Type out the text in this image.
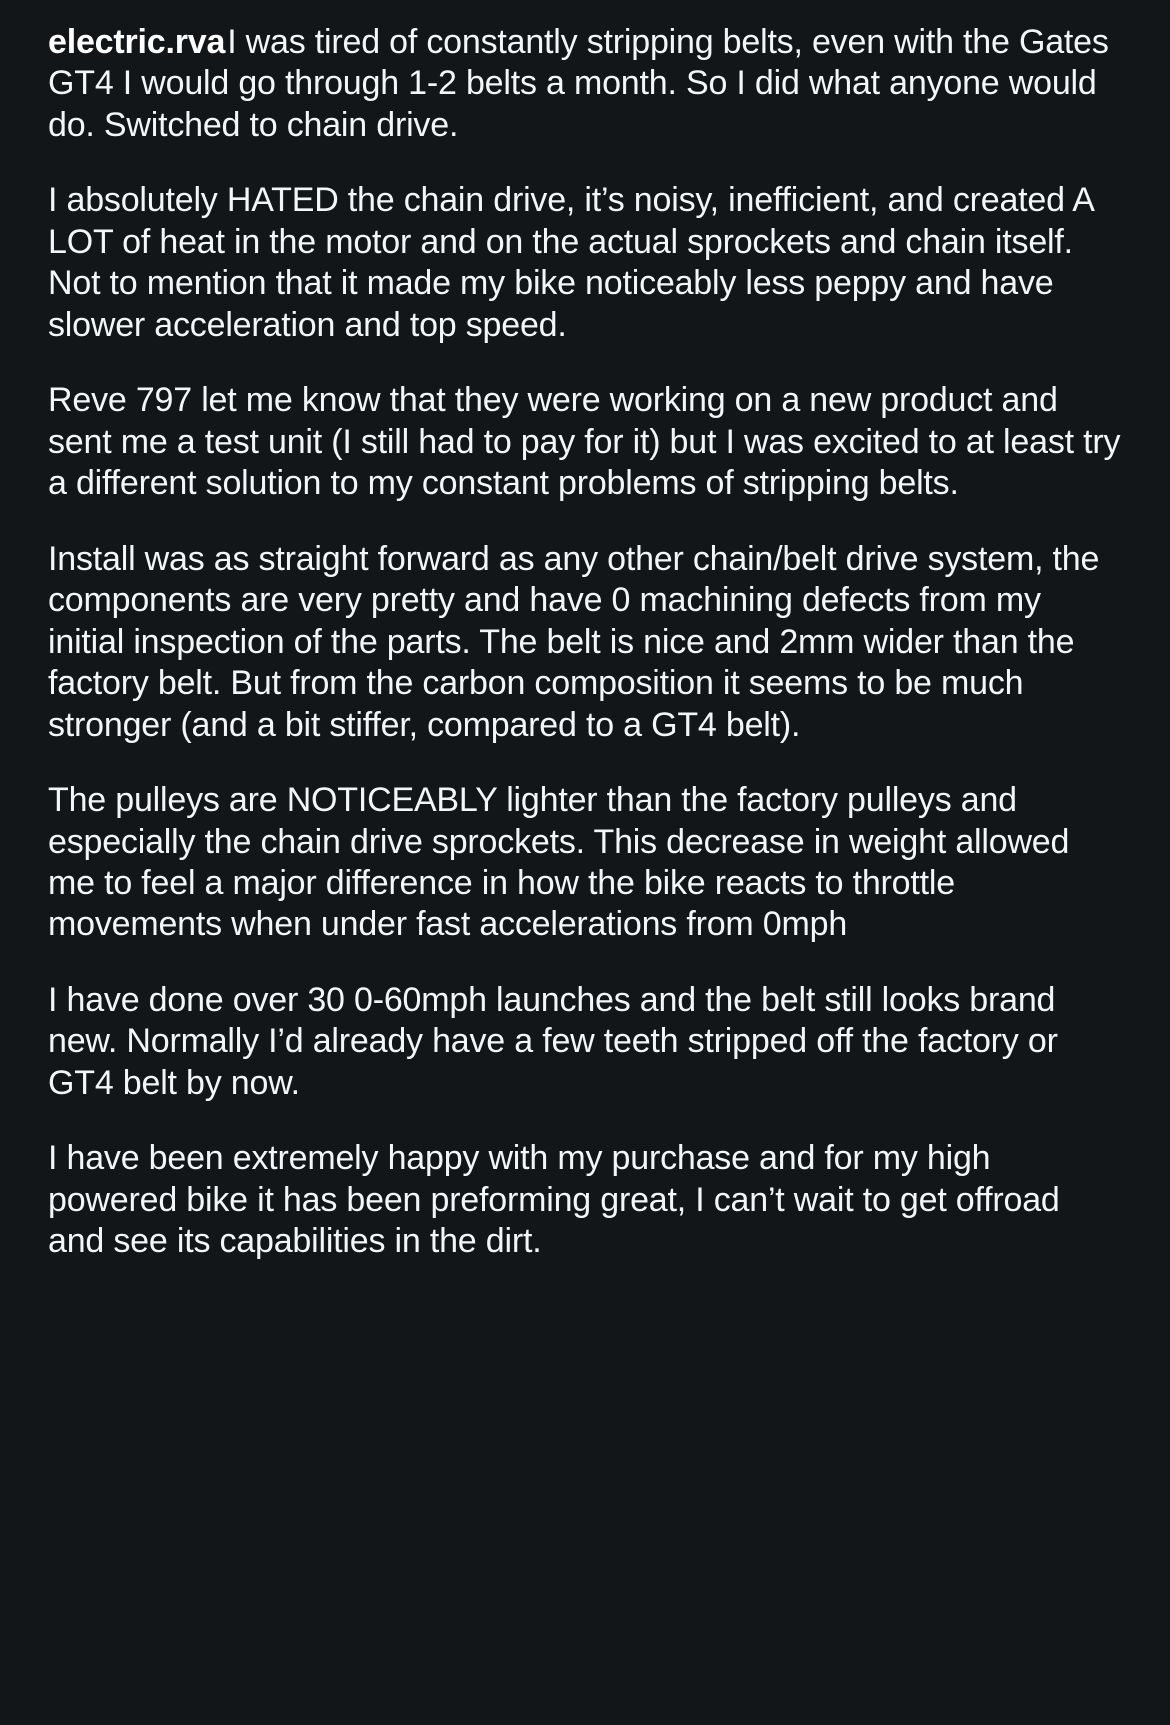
electric.rvaI was tired of constantly stripping belts, even with the Gates GT4 I would go through 1-2 belts a month. So I did what anyone would do. Switched to chain drive.

I absolutely HATED the chain drive, it’s noisy, inefficient, and created A LOT of heat in the motor and on the actual sprockets and chain itself. Not to mention that it made my bike noticeably less peppy and have slower acceleration and top speed.

Reve 797 let me know that they were working on a new product and sent me a test unit (I still had to pay for it) but I was excited to at least try a different solution to my constant problems of stripping belts.

Install was as straight forward as any other chain/belt drive system, the components are very pretty and have 0 machining defects from my initial inspection of the parts. The belt is nice and 2mm wider than the factory belt. But from the carbon composition it seems to be much stronger (and a bit stiffer, compared to a GT4 belt).

The pulleys are NOTICEABLY lighter than the factory pulleys and especially the chain drive sprockets. This decrease in weight allowed me to feel a major difference in how the bike reacts to throttle movements when under fast accelerations from 0mph

I have done over 30 0-60mph launches and the belt still looks brand new. Normally I’d already have a few teeth stripped off the factory or GT4 belt by now.

I have been extremely happy with my purchase and for my high powered bike it has been preforming great, I can’t wait to get offroad and see its capabilities in the dirt.
